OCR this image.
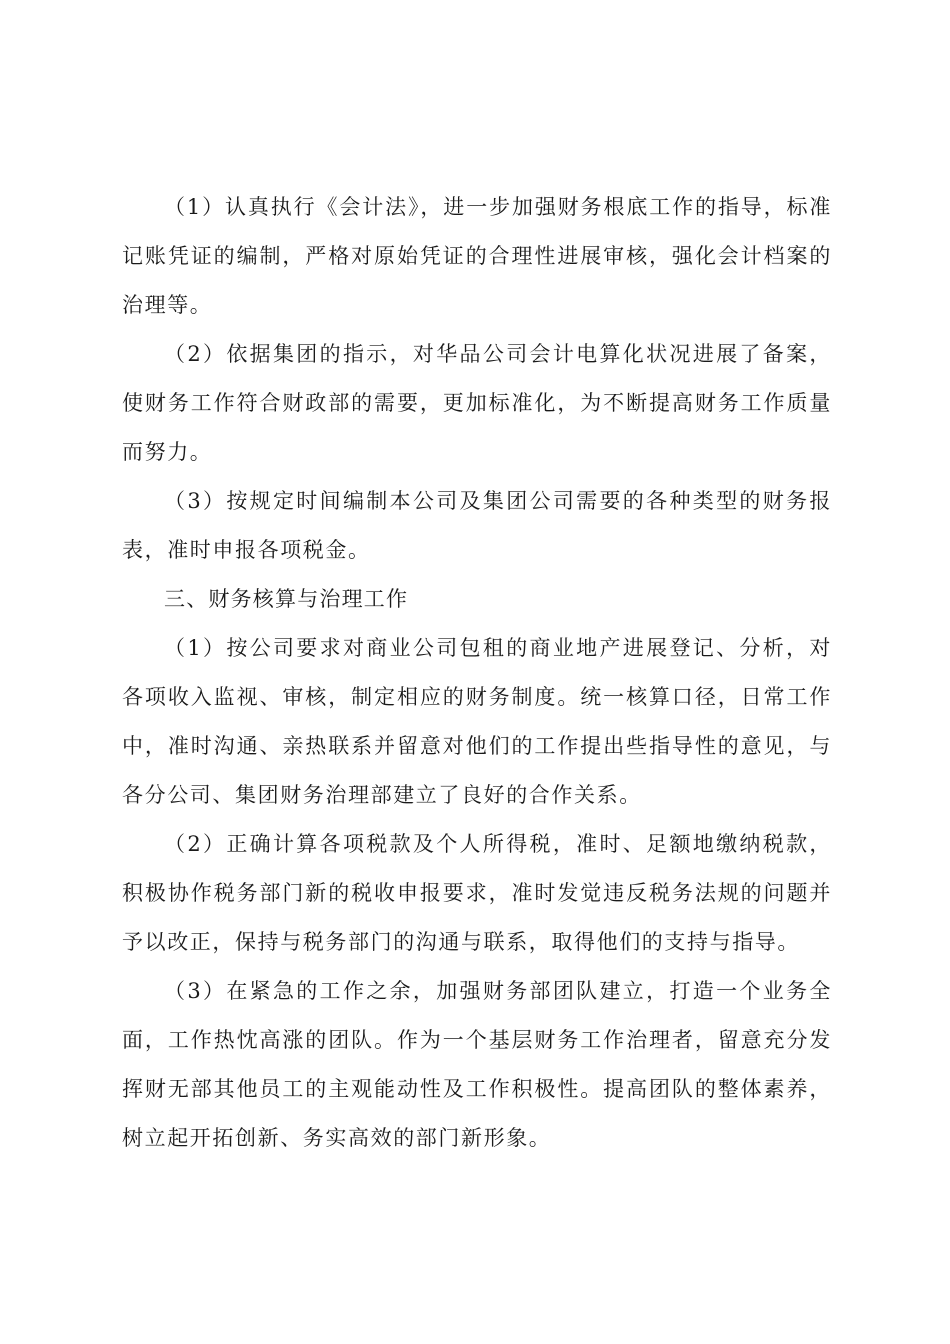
（1）认真执行《会计法》，进一步加强财务根底工作的指导，标准记账凭证的编制，严格对原始凭证的合理性进展审核，强化会计档案的治理等。

（2）依据集团的指示，对华品公司会计电算化状况进展了备案，使财务工作符合财政部的需要，更加标准化，为不断提高财务工作质量而努力。

（3）按规定时间编制本公司及集团公司需要的各种类型的财务报表，准时申报各项税金。

三、财务核算与治理工作

（1）按公司要求对商业公司包租的商业地产进展登记、分析，对各项收入监视、审核，制定相应的财务制度。统一核算口径，日常工作中，准时沟通、亲热联系并留意对他们的工作提出些指导性的意见，与各分公司、集团财务治理部建立了良好的合作关系。

（2）正确计算各项税款及个人所得税，准时、足额地缴纳税款，积极协作税务部门新的税收申报要求，准时发觉违反税务法规的问题并予以改正，保持与税务部门的沟通与联系，取得他们的支持与指导。

（3）在紧急的工作之余，加强财务部团队建立，打造一个业务全面，工作热忱高涨的团队。作为一个基层财务工作治理者，留意充分发挥财无部其他员工的主观能动性及工作积极性。提高团队的整体素养，树立起开拓创新、务实高效的部门新形象。
